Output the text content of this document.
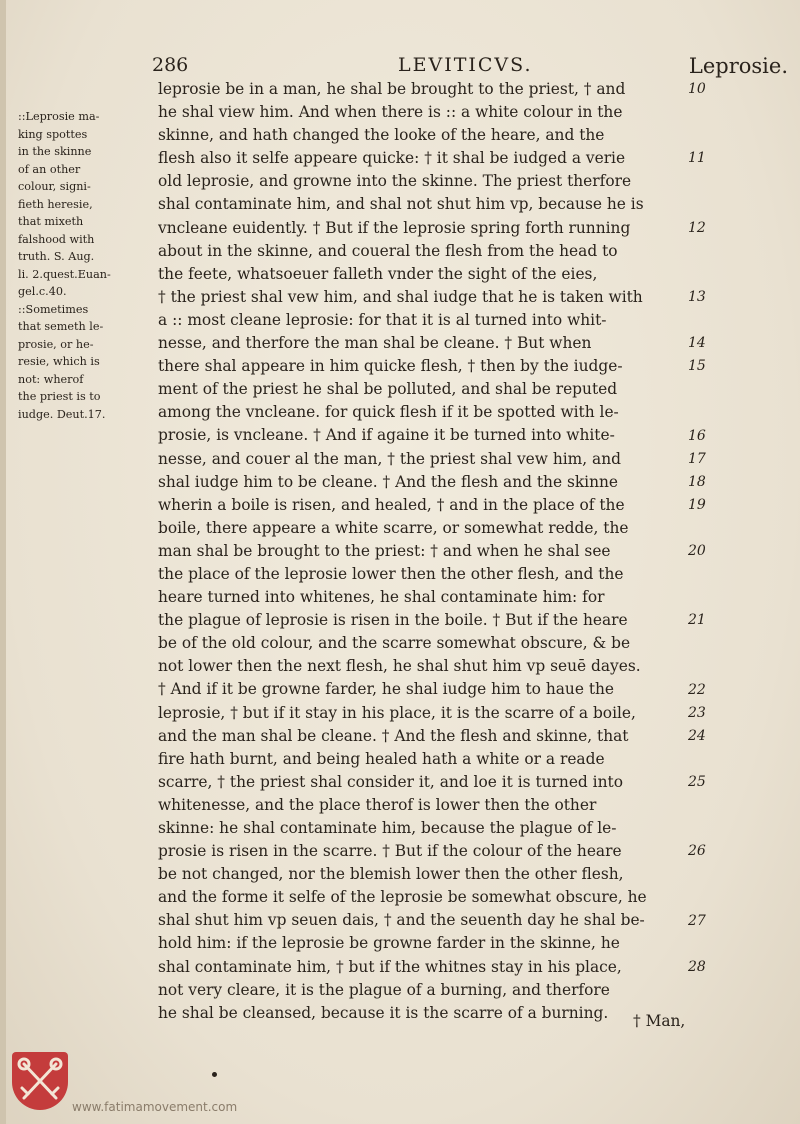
286	LEVITICVS.	Leprosie.
::Leprosie ma-
king spottes
in the skinne
of an other
colour, signi-
fieth heresie,
that mixeth
falshood with
truth. S. Aug.
li. 2.quest.Euan-
gel.c.40.
::Sometimes
that semeth le-
prosie, or he-
resie, which is
not: wherof
the priest is to
iudge. Deut.17.
leprosie be in a man, he shal be brought to the priest, † and
he shal view him. And when there is :: a white colour in the
skinne, and hath changed the looke of the heare, and the
flesh also it selfe appeare quicke: † it shal be iudged a verie
old leprosie, and growne into the skinne. The priest therfore
shal contaminate him, and shal not shut him vp, because he is
vncleane euidently. † But if the leprosie spring forth running
about in the skinne, and coueral the flesh from the head to
the feete, whatsoeuer falleth vnder the sight of the eies,
† the priest shal vew him, and shal iudge that he is taken with
a :: most cleane leprosie: for that it is al turned into whit-
nesse, and therfore the man shal be cleane. † But when
there shal appeare in him quicke flesh, † then by the iudge-
ment of the priest he shal be polluted, and shal be reputed
among the vncleane. for quick flesh if it be spotted with le-
prosie, is vncleane. † And if againe it be turned into white-
nesse, and couer al the man, † the priest shal vew him, and
shal iudge him to be cleane. † And the flesh and the skinne
wherin a boile is risen, and healed, † and in the place of the
boile, there appeare a white scarre, or somewhat redde, the
man shal be brought to the priest: † and when he shal see
the place of the leprosie lower then the other flesh, and the
heare turned into whitenes, he shal contaminate him: for
the plague of leprosie is risen in the boile. † But if the heare
be of the old colour, and the scarre somewhat obscure, & be
not lower then the next flesh, he shal shut him vp seuē dayes.
† And if it be growne farder, he shal iudge him to haue the
leprosie, † but if it stay in his place, it is the scarre of a boile,
and the man shal be cleane. † And the flesh and skinne, that
fire hath burnt, and being healed hath a white or a reade
scarre, † the priest shal consider it, and loe it is turned into
whitenesse, and the place therof is lower then the other
skinne: he shal contaminate him, because the plague of le-
prosie is risen in the scarre. † But if the colour of the heare
be not changed, nor the blemish lower then the other flesh,
and the forme it selfe of the leprosie be somewhat obscure, he
shal shut him vp seuen dais, † and the seuenth day he shal be-
hold him: if the leprosie be growne farder in the skinne, he
shal contaminate him, † but if the whitnes stay in his place,
not very cleare, it is the plague of a burning, and therfore
he shal be cleansed, because it is the scarre of a burning.
10
11
12
13
14
15
16
17
18
19
20
21
22
23
24
25
26
27
28
† Man,
www.fatimamovement.com
